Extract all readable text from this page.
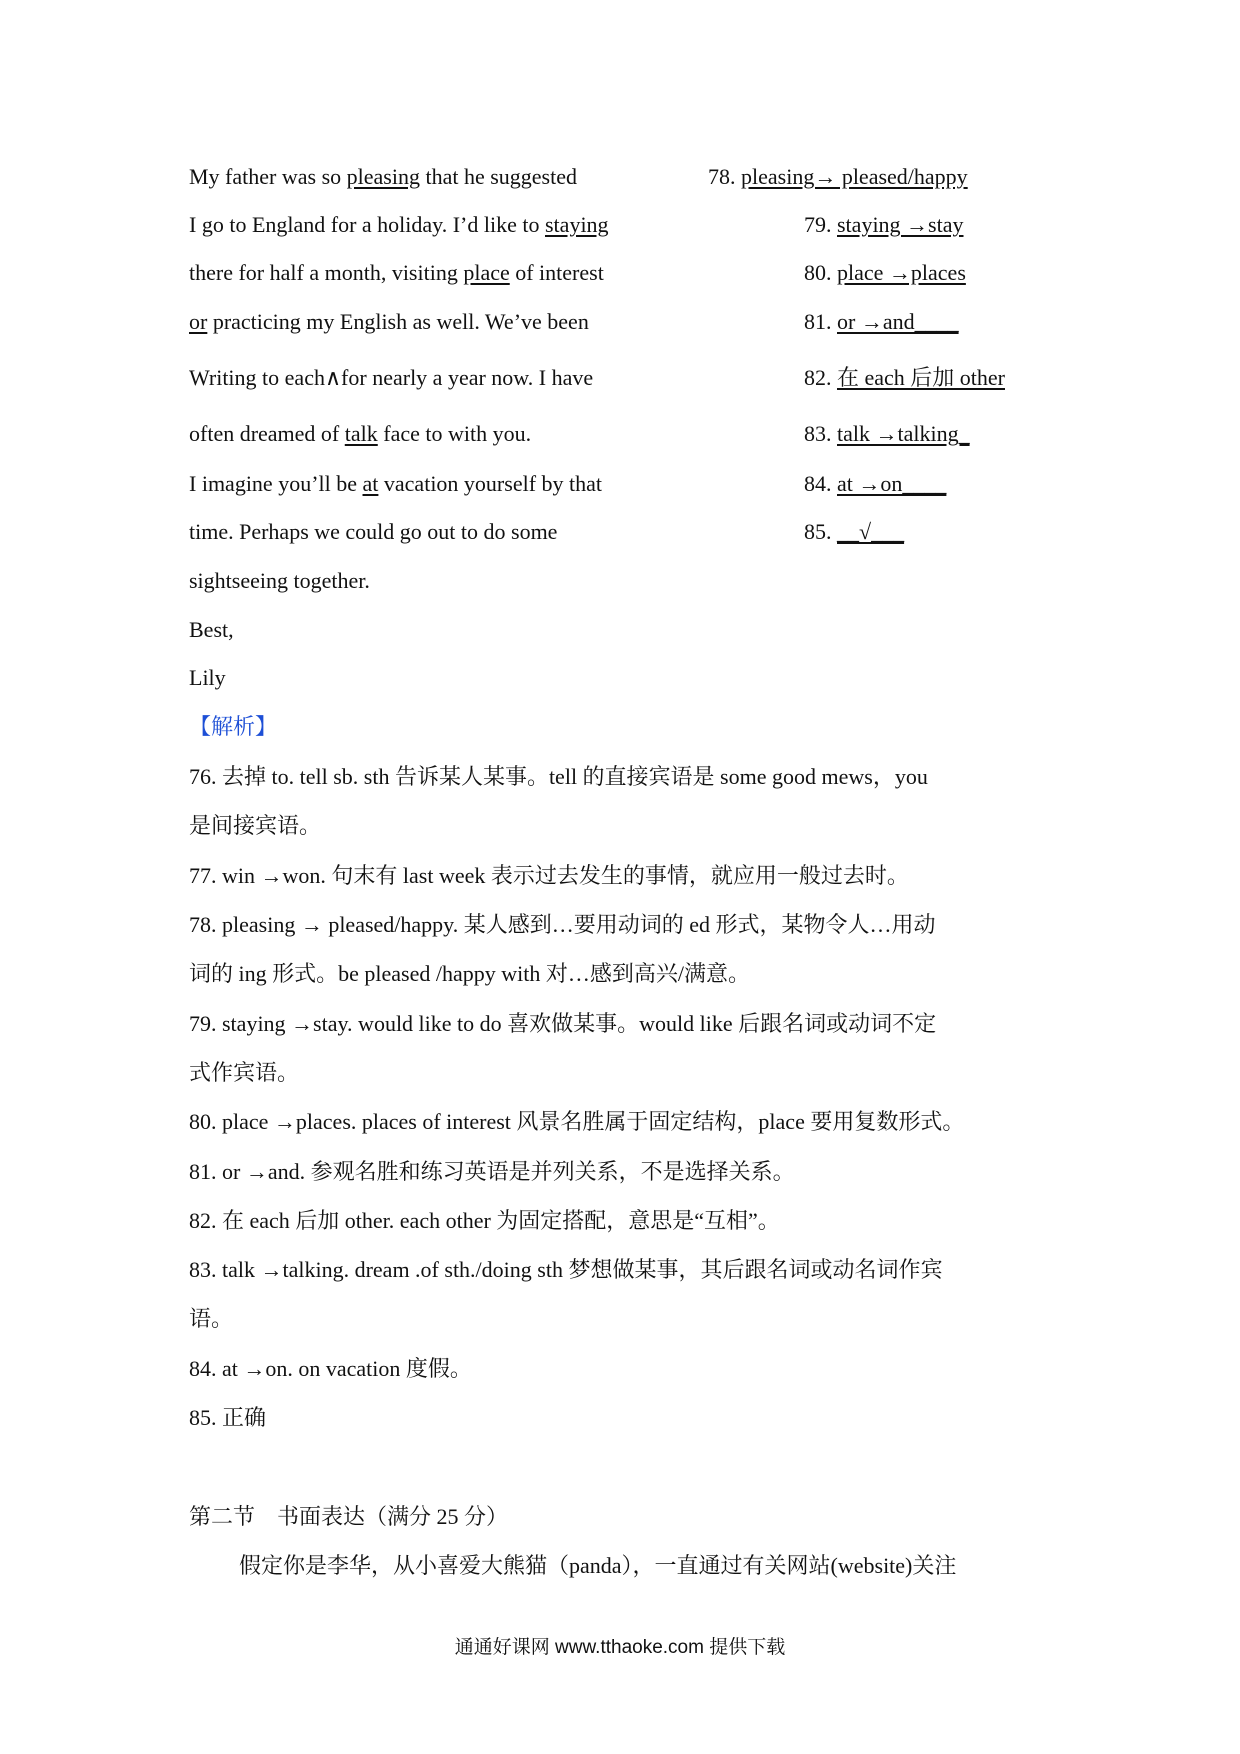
My father was so pleasing that he suggested
I go to England for a holiday. I’d like to staying
there for half a month, visiting place of interest
or practicing my English as well. We’ve been
Writing to each∧for nearly a year now. I have
often dreamed of talk face to with you.
I imagine you’ll be at vacation yourself by that
time. Perhaps we could go out to do some
sightseeing together.
Best,
Lily
78. pleasing→ pleased/happy
79. staying →stay
80. place →places
81. or →and____
82. 在 each 后加 other
83. talk →talking_
84. at →on____
85. __√___
【解析】
76. 去掉 to. tell sb. sth 告诉某人某事。tell 的直接宾语是 some good mews，you
是间接宾语。
77. win →won. 句末有 last week 表示过去发生的事情，就应用一般过去时。
78. pleasing → pleased/happy. 某人感到…要用动词的 ed 形式，某物令人…用动
词的 ing 形式。be pleased /happy with 对…感到高兴/满意。
79. staying →stay. would like to do 喜欢做某事。would like 后跟名词或动词不定
式作宾语。
80. place →places. places of interest 风景名胜属于固定结构，place 要用复数形式。
81. or →and. 参观名胜和练习英语是并列关系，不是选择关系。
82. 在 each 后加 other. each other 为固定搭配，意思是“互相”。
83. talk →talking. dream .of sth./doing sth 梦想做某事，其后跟名词或动名词作宾
语。
84. at →on. on vacation 度假。
85. 正确
第二节　书面表达（满分 25 分）
假定你是李华，从小喜爱大熊猫（panda），一直通过有关网站(website)关注
通通好课网 www.tthaoke.com 提供下载
